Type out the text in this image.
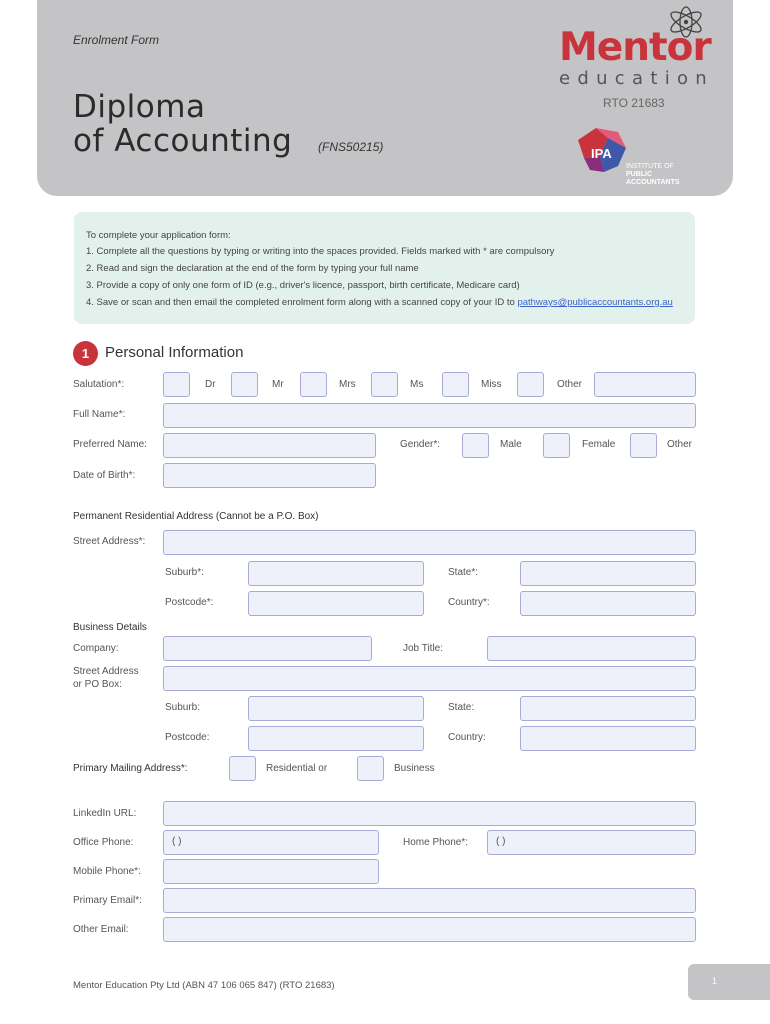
Enrolment Form
Diploma
of Accounting (FNS50215)
Mentor
education
RTO 21683
IPA
INSTITUTE OF
PUBLIC
ACCOUNTANTS
To complete your application form:
1. Complete all the questions by typing or writing into the spaces provided. Fields marked with * are compulsory
2. Read and sign the declaration at the end of the form by typing your full name
3. Provide a copy of only one form of ID (e.g., driver's licence, passport, birth certificate, Medicare card)
4. Save or scan and then email the completed enrolment form along with a scanned copy of your ID to pathways@publicaccountants.org.au
1	Personal Information
Salutation*:	Dr	Mr	Mrs	Ms	Miss	Other
Full Name*:
Preferred Name:	Gender*:	Male	Female	Other
Date of Birth*:
Permanent Residential Address (Cannot be a P.O. Box)
Street Address*:
Suburb*:	State*:
Postcode*:	Country*:
Business Details
Company:	Job Title:
Street Address
or PO Box:
Suburb:	State:
Postcode:	Country:
Primary Mailing Address*:	Residential or	Business
LinkedIn URL:
Office Phone:	( )	Home Phone*:	( )
Mobile Phone*:
Primary Email*:
Other Email:
Mentor Education Pty Ltd (ABN 47 106 065 847) (RTO 21683)	1
